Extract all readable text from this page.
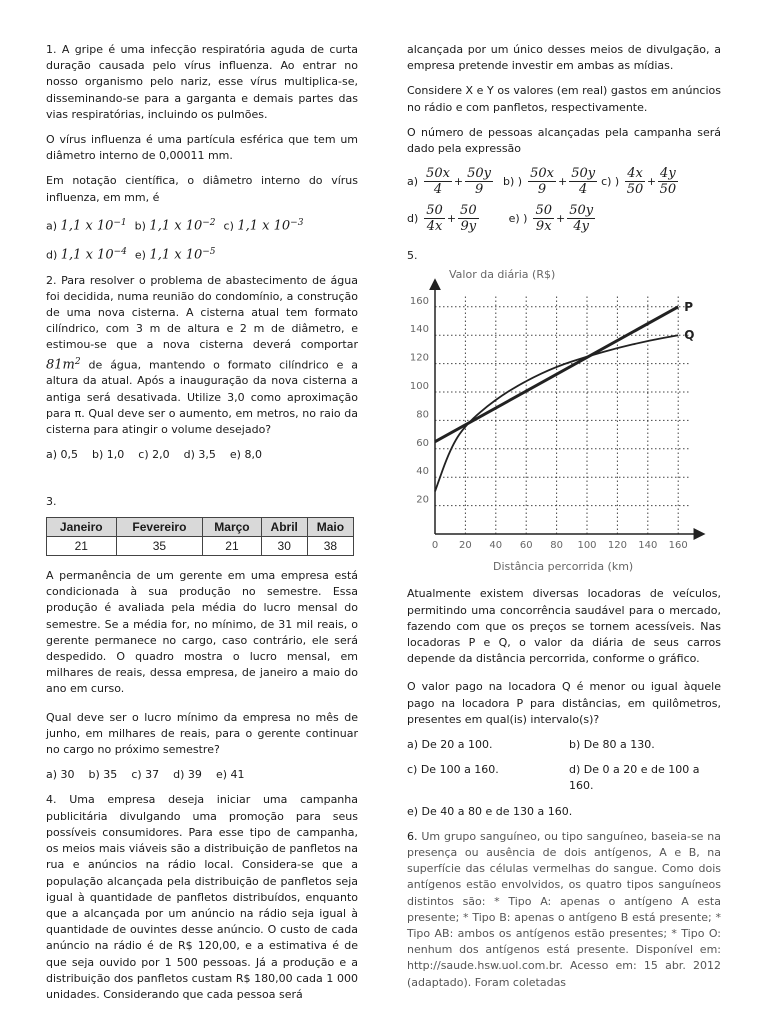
1. A gripe é uma infecção respiratória aguda de curta duração causada pelo vírus influenza. Ao entrar no nosso organismo pelo nariz, esse vírus multiplica-se, disseminando-se para a garganta e demais partes das vias respiratórias, incluindo os pulmões.

O vírus influenza é uma partícula esférica que tem um diâmetro interno de 0,00011 mm.

Em notação científica, o diâmetro interno do vírus influenza, em mm, é

a) 1,1 x $10^{-1}$ b) 1,1 x $10^{-2}$ c) 1,1 x $10^{-3}$
d) 1,1 x $10^{-4}$ e) 1,1 x $10^{-5}$

2. Para resolver o problema de abastecimento de água foi decidida, numa reunião do condomínio, a construção de uma nova cisterna. A cisterna atual tem formato cilíndrico, com 3 m de altura e 2 m de diâmetro, e estimou-se que a nova cisterna deverá comportar $81m^2$ de água, mantendo o formato cilíndrico e a altura da atual. Após a inauguração da nova cisterna a antiga será desativada. Utilize 3,0 como aproximação para π. Qual deve ser o aumento, em metros, no raio da cisterna para atingir o volume desejado?

a) 0,5 b) 1,0 c) 2,0 d) 3,5 e) 8,0
3.
Janeiro	Fevereiro	Março	Abril	Maio
21	35	21	30	38

A permanência de um gerente em uma empresa está condicionada à sua produção no semestre. Essa produção é avaliada pela média do lucro mensal do semestre. Se a média for, no mínimo, de 31 mil reais, o gerente permanece no cargo, caso contrário, ele será despedido. O quadro mostra o lucro mensal, em milhares de reais, dessa empresa, de janeiro a maio do ano em curso.

Qual deve ser o lucro mínimo da empresa no mês de junho, em milhares de reais, para o gerente continuar no cargo no próximo semestre?

a) 30 b) 35 c) 37 d) 39 e) 41

4. Uma empresa deseja iniciar uma campanha publicitária divulgando uma promoção para seus possíveis consumidores. Para esse tipo de campanha, os meios mais viáveis são a distribuição de panfletos na rua e anúncios na rádio local. Considera-se que a população alcançada pela distribuição de panfletos seja igual à quantidade de panfletos distribuídos, enquanto que a alcançada por um anúncio na rádio seja igual à quantidade de ouvintes desse anúncio. O custo de cada anúncio na rádio é de R$ 120,00, e a estimativa é de que seja ouvido por 1 500 pessoas. Já a produção e a distribuição dos panfletos custam R$ 180,00 cada 1 000 unidades. Considerando que cada pessoa será

alcançada por um único desses meios de divulgação, a empresa pretende investir em ambas as mídias.

Considere X e Y os valores (em real) gastos em anúncios no rádio e com panfletos, respectivamente.

O número de pessoas alcançadas pela campanha será dado pela expressão

$a) \frac{50x}{4} + \frac{50y}{9} b$) ) $\frac{50x}{9} + \frac{50y}{4} c$) ) $\frac{4x}{50} + \frac{4y}{50}$
$d) \frac{50}{4x} + \frac{50}{9y}$	e) ) $\frac{50}{9x} + \frac{50y}{4y}$
5.
0 20 40 60 80 100 120 140 160
20
40
60
80
100
120
140
160	P
Q
Valor da diária (R$)
Distância percorrida (km)

Atualmente existem diversas locadoras de veículos, permitindo uma concorrência saudável para o mercado, fazendo com que os preços se tornem acessíveis. Nas locadoras P e Q, o valor da diária de seus carros depende da distância percorrida, conforme o gráfico.

O valor pago na locadora Q é menor ou igual àquele pago na locadora P para distâncias, em quilômetros, presentes em qual(is) intervalo(s)?

a) De 20 a 100.	b) De 80 a 130.
c) De 100 a 160.	d) De 0 a 20 e de 100 a 160.
e) De 40 a 80 e de 130 a 160.

6. Um grupo sanguíneo, ou tipo sanguíneo, baseia-se na presença ou ausência de dois antígenos, A e B, na superfície das células vermelhas do sangue. Como dois antígenos estão envolvidos, os quatro tipos sanguíneos distintos são: * Tipo A: apenas o antígeno A esta presente; * Tipo B: apenas o antígeno B está presente; * Tipo AB: ambos os antígenos estão presentes; * Tipo O: nenhum dos antígenos está presente. Disponível em: http://saude.hsw.uol.com.br. Acesso em: 15 abr. 2012 (adaptado). Foram coletadas
